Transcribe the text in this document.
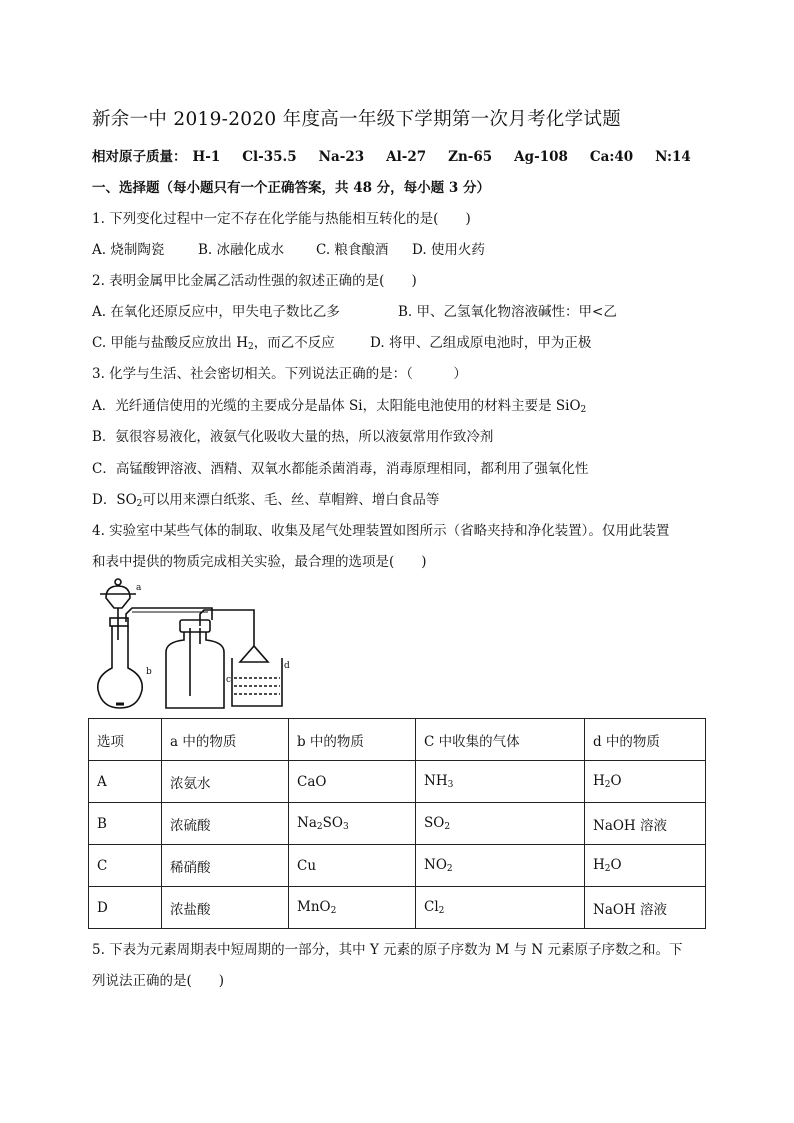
新余一中 2019-2020 年度高一年级下学期第一次月考化学试题
相对原子质量： H-1 Cl-35.5 Na-23 Al-27 Zn-65 Ag-108 Ca:40 N:14
一、选择题（每小题只有一个正确答案，共 48 分，每小题 3 分）
1. 下列变化过程中一定不存在化学能与热能相互转化的是(　　)
A. 烧制陶瓷 B. 冰融化成水 C. 粮食酿酒 D. 使用火药
2. 表明金属甲比金属乙活动性强的叙述正确的是(　　)
A. 在氧化还原反应中，甲失电子数比乙多	B. 甲、乙氢氧化物溶液碱性：甲<乙
C. 甲能与盐酸反应放出 $H_2$，而乙不反应	D. 将甲、乙组成原电池时，甲为正极
3. 化学与生活、社会密切相关。下列说法正确的是：（　　　）
A．光纤通信使用的光缆的主要成分是晶体 Si，太阳能电池使用的材料主要是 SiO$_2$
B．氨很容易液化，液氨气化吸收大量的热，所以液氨常用作致冷剂
C．高锰酸钾溶液、酒精、双氧水都能杀菌消毒，消毒原理相同，都利用了强氧化性
D．$SO_2$可以用来漂白纸浆、毛、丝、草帽辫、增白食品等
4. 实验室中某些气体的制取、收集及尾气处理装置如图所示（省略夹持和净化装置）。仅用此装置
和表中提供的物质完成相关实验，最合理的选项是(　　)
a
b
c
d
选项	a 中的物质	b 中的物质	C 中收集的气体	d 中的物质
A	浓氨水	CaO	$NH_3$	$H_2O$
B	浓硫酸	$Na_2SO_3$	$SO_2$	NaOH 溶液
C	稀硝酸	Cu	$NO_2$	$H_2O$
D	浓盐酸	MnO$_2$	$Cl_2$	NaOH 溶液
5. 下表为元素周期表中短周期的一部分，其中 Y 元素的原子序数为 M 与 N 元素原子序数之和。下
列说法正确的是(　　)
